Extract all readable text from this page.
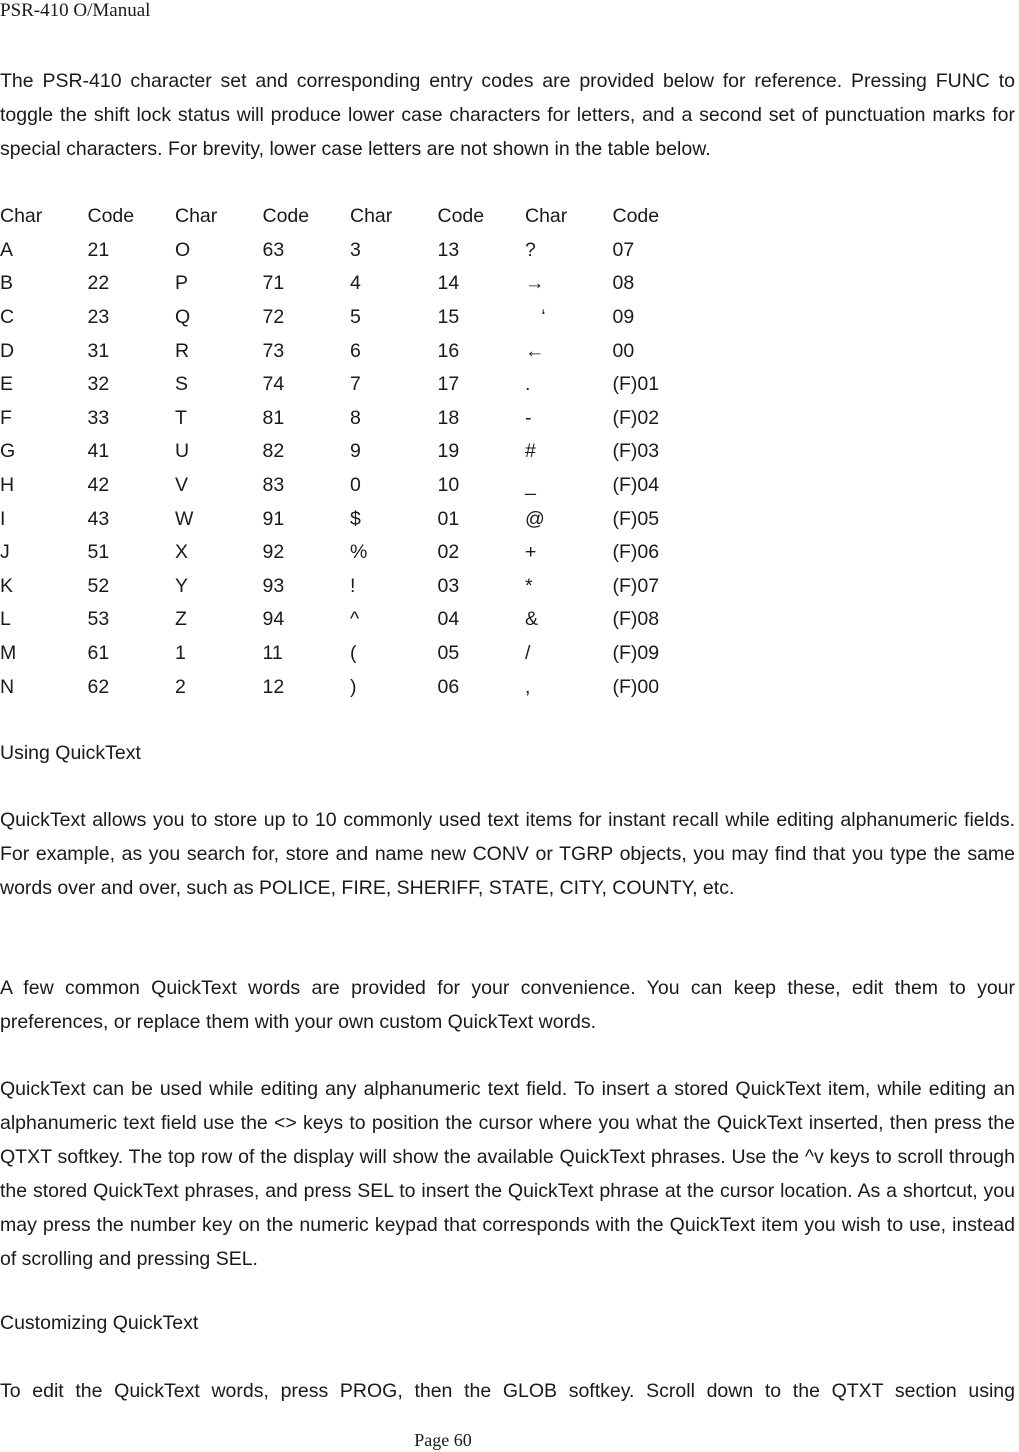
PSR-410 O/Manual

The PSR-410 character set and corresponding entry codes are provided below for reference. Pressing FUNC to toggle the shift lock status will produce lower case characters for letters, and a second set of punctuation marks for special characters. For brevity, lower case letters are not shown in the table below.

Char	Code	Char	Code	Char	Code	Char	Code
A	21	O	63	3	13	?	07
B	22	P	71	4	14	→	08
C	23	Q	72	5	15	‘	09
D	31	R	73	6	16	←	00
E	32	S	74	7	17	.	(F)01
F	33	T	81	8	18	-	(F)02
G	41	U	82	9	19	#	(F)03
H	42	V	83	0	10	_	(F)04
I	43	W	91	$	01	@	(F)05
J	51	X	92	%	02	+	(F)06
K	52	Y	93	!	03	*	(F)07
L	53	Z	94	^	04	&	(F)08
M	61	1	11	(	05	/	(F)09
N	62	2	12	)	06	,	(F)00
Using QuickText

QuickText allows you to store up to 10 commonly used text items for instant recall while editing alphanumeric fields. For example, as you search for, store and name new CONV or TGRP objects, you may find that you type the same words over and over, such as POLICE, FIRE, SHERIFF, STATE, CITY, COUNTY, etc.

A few common QuickText words are provided for your convenience. You can keep these, edit them to your preferences, or replace them with your own custom QuickText words.

QuickText can be used while editing any alphanumeric text field. To insert a stored QuickText item, while editing an alphanumeric text field use the <> keys to position the cursor where you what the QuickText inserted, then press the QTXT softkey. The top row of the display will show the available QuickText phrases. Use the ^v keys to scroll through the stored QuickText phrases, and press SEL to insert the QuickText phrase at the cursor location. As a shortcut, you may press the number key on the numeric keypad that corresponds with the QuickText item you wish to use, instead of scrolling and pressing SEL.

Customizing QuickText

To edit the QuickText words, press PROG, then the GLOB softkey. Scroll down to the QTXT section using

Page 60
